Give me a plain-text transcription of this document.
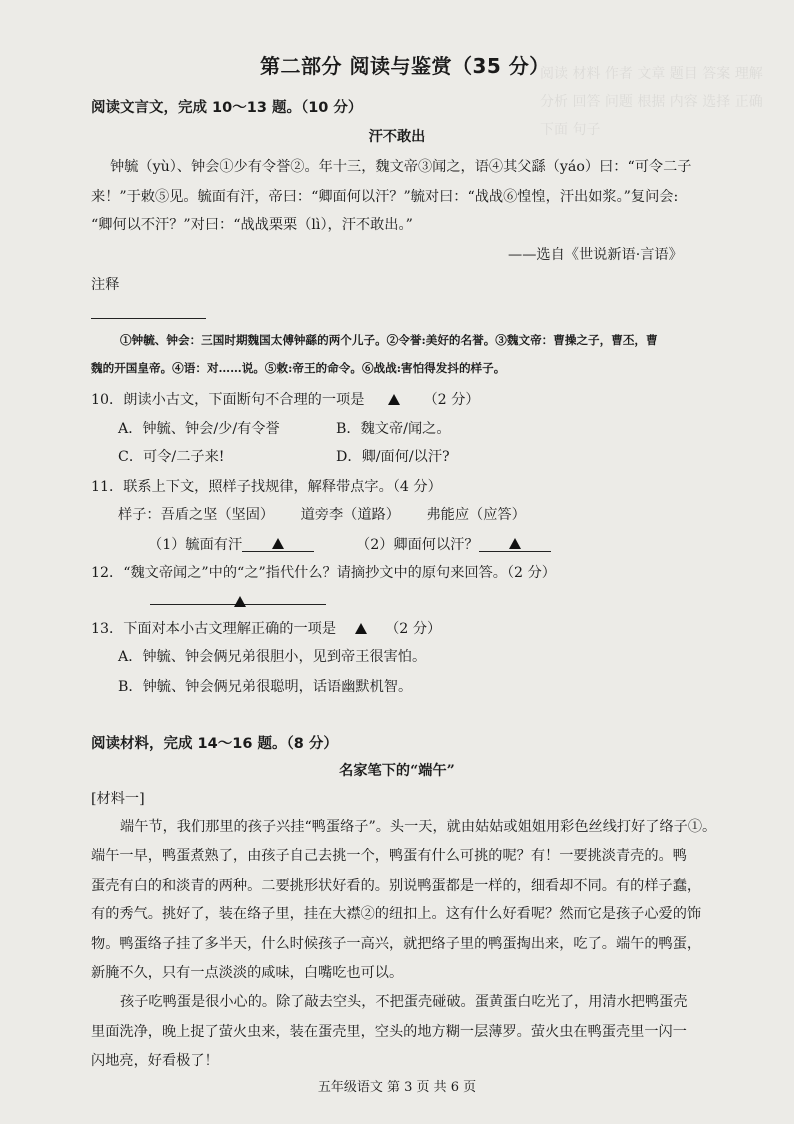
阅读 材料 作者 文章 题目 答案 理解 分析 回答 问题 根据 内容 选择 正确 下面 句子
第二部分 阅读与鉴赏（35 分）
阅读文言文，完成 10～13 题。（10 分）
汗不敢出
钟毓（yù）、钟会①少有令誉②。年十三，魏文帝③闻之，语④其父繇（yáo）曰：“可令二子
来！”于敕⑤见。毓面有汗，帝曰：“卿面何以汗？”毓对曰：“战战⑥惶惶，汗出如浆。”复问会:
“卿何以不汗？”对曰：“战战栗栗（lì），汗不敢出。”
——选自《世说新语·言语》
注释
①钟毓、钟会：三国时期魏国太傅钟繇的两个儿子。②令誉:美好的名誉。③魏文帝：曹操之子，曹丕，曹
魏的开国皇帝。④语：对……说。⑤敕:帝王的命令。⑥战战:害怕得发抖的样子。
10．朗读小古文，下面断句不合理的一项是	（2 分）
A．钟毓、钟会/少/有令誉	B．魏文帝/闻之。
C．可令/二子来!	D．卿/面何/以汗?
11．联系上下文，照样子找规律，解释带点字。（4 分）
样子：吾盾之坚（坚固） 道旁李（道路） 弗能应（应答）
（1）毓面有汗	（2）卿面何以汗？
12．“魏文帝闻之”中的“之”指代什么？请摘抄文中的原句来回答。（2 分）
13．下面对本小古文理解正确的一项是	（2 分）
A．钟毓、钟会俩兄弟很胆小，见到帝王很害怕。
B．钟毓、钟会俩兄弟很聪明，话语幽默机智。
阅读材料，完成 14～16 题。（8 分）
名家笔下的“端午”
[材料一]
端午节，我们那里的孩子兴挂“鸭蛋络子”。头一天，就由姑姑或姐姐用彩色丝线打好了络子①。
端午一早，鸭蛋煮熟了，由孩子自己去挑一个，鸭蛋有什么可挑的呢？有！一要挑淡青壳的。鸭
蛋壳有白的和淡青的两种。二要挑形状好看的。别说鸭蛋都是一样的，细看却不同。有的样子蠢，
有的秀气。挑好了，装在络子里，挂在大襟②的纽扣上。这有什么好看呢？然而它是孩子心爱的饰
物。鸭蛋络子挂了多半天，什么时候孩子一高兴，就把络子里的鸭蛋掏出来，吃了。端午的鸭蛋，
新腌不久，只有一点淡淡的咸味，白嘴吃也可以。
孩子吃鸭蛋是很小心的。除了敲去空头，不把蛋壳碰破。蛋黄蛋白吃光了，用清水把鸭蛋壳
里面洗净，晚上捉了萤火虫来，装在蛋壳里，空头的地方糊一层薄罗。萤火虫在鸭蛋壳里一闪一
闪地亮，好看极了！
五年级语文 第 3 页 共 6 页
